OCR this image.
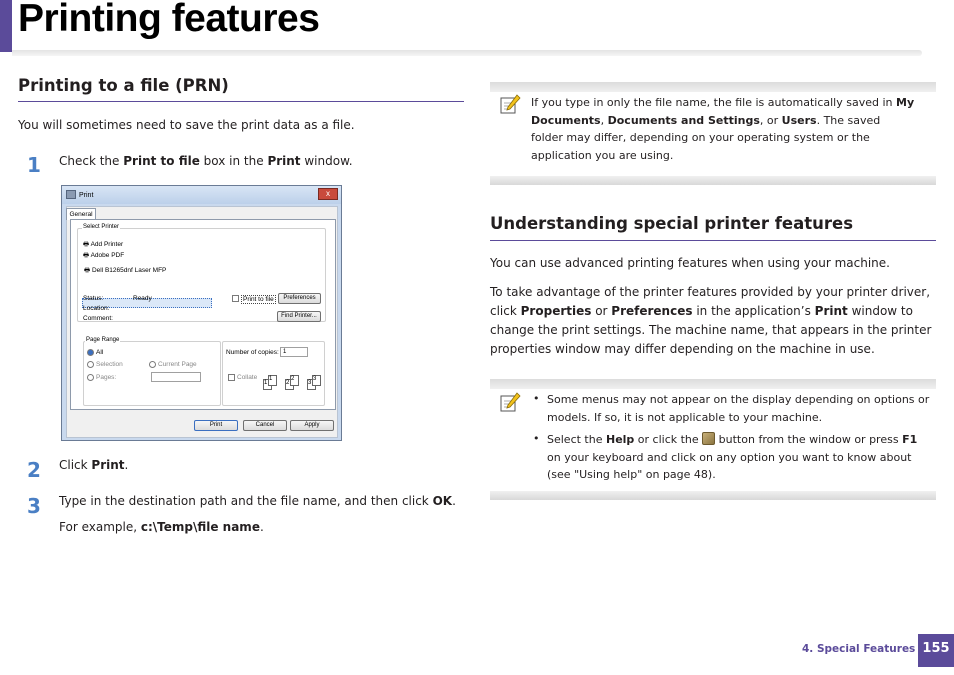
Printing features
Printing to a file (PRN)
You will sometimes need to save the print data as a file.
1 Check the Print to file box in the Print window.
Print	x
General
Select Printer
🖶 Add Printer
🖶 Adobe PDF
🖶 Dell B1265dnf Laser MFP
Status:	Ready
Location:
Comment:
Print to file	Preferences
Find Printer...
Page Range
All
Selection	Current Page
Pages:
Number of copies: 1
Collate
1
1
2
2
3
3
Print	Cancel	Apply
2 Click Print.
3 Type in the destination path and the file name, and then click OK.
For example, c:\Temp\file name.
If you type in only the file name, the file is automatically saved in My Documents, Documents and Settings, or Users. The saved folder may differ, depending on your operating system or the application you are using.
Understanding special printer features
You can use advanced printing features when using your machine.
To take advantage of the printer features provided by your printer driver, click Properties or Preferences in the application’s Print window to change the print settings. The machine name, that appears in the printer properties window may differ depending on the machine in use.
• Some menus may not appear on the display depending on options or models. If so, it is not applicable to your machine.
• Select the Help or click the  button from the window or press F1 on your keyboard and click on any option you want to know about (see "Using help" on page 48).
4. Special Features 155
